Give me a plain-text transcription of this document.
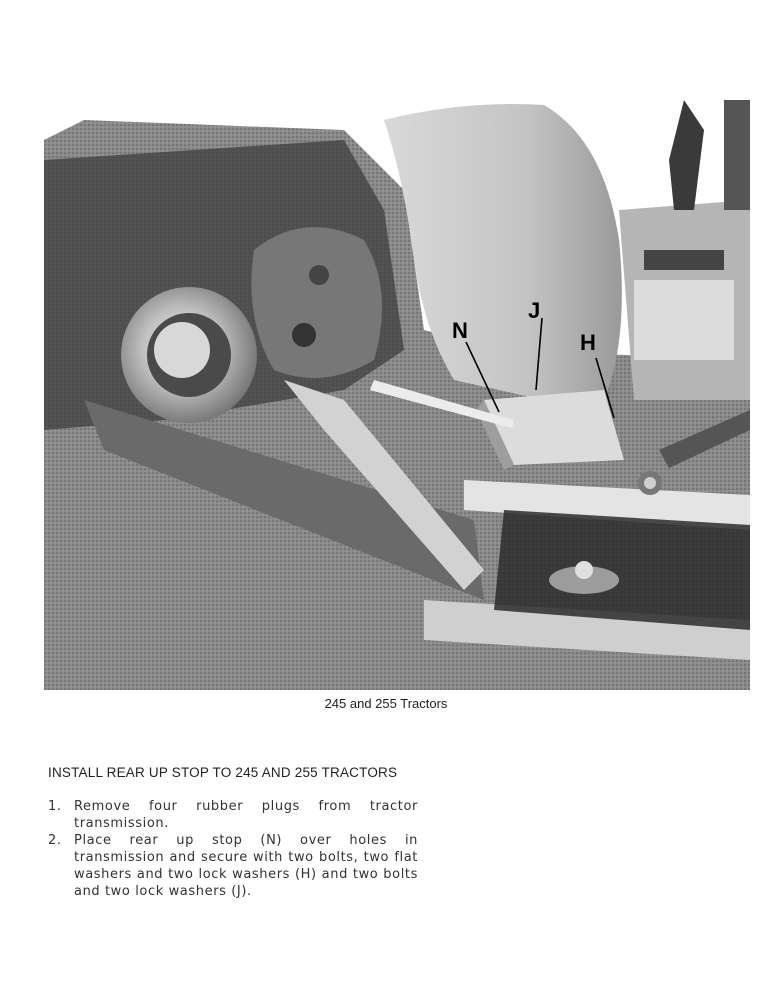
N
J
H
245 and 255 Tractors
INSTALL REAR UP STOP TO 245 AND 255 TRACTORS
1. Remove four rubber plugs from tractor transmission.
2. Place rear up stop (N) over holes in transmission and secure with two bolts, two flat washers and two lock washers (H) and two bolts and two lock washers (J).
